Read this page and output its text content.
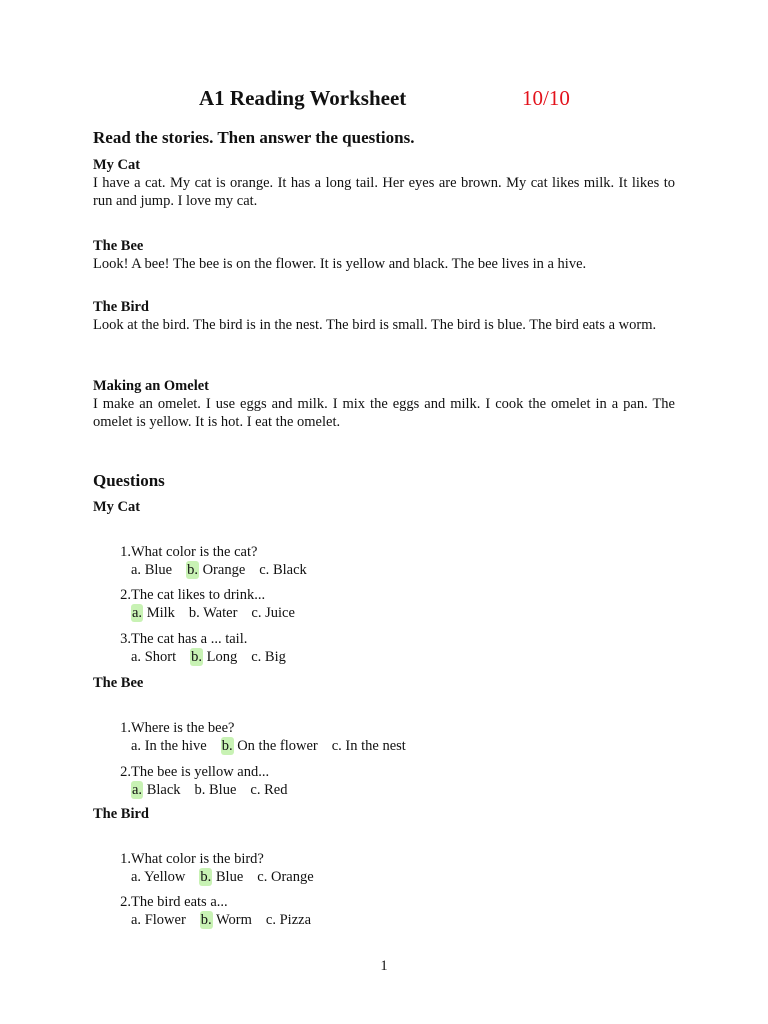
A1 Reading Worksheet	10/10
Read the stories. Then answer the questions.
My Cat
I have a cat. My cat is orange. It has a long tail. Her eyes are brown. My cat likes milk. It likes to run and jump. I love my cat.
The Bee
Look! A bee! The bee is on the flower. It is yellow and black. The bee lives in a hive.
The Bird
Look at the bird. The bird is in the nest. The bird is small. The bird is blue. The bird eats a worm.
Making an Omelet
I make an omelet. I use eggs and milk. I mix the eggs and milk. I cook the omelet in a pan. The omelet is yellow. It is hot. I eat the omelet.
Questions
My Cat
1. What color is the cat?
a. Blue b. Orange c. Black
2. The cat likes to drink...
a. Milk b. Water c. Juice
3. The cat has a ... tail.
a. Short b. Long c. Big
The Bee
1. Where is the bee?
a. In the hive b. On the flower c. In the nest
2. The bee is yellow and...
a. Black b. Blue c. Red
The Bird
1. What color is the bird?
a. Yellow b. Blue c. Orange
2. The bird eats a...
a. Flower b. Worm c. Pizza
1
